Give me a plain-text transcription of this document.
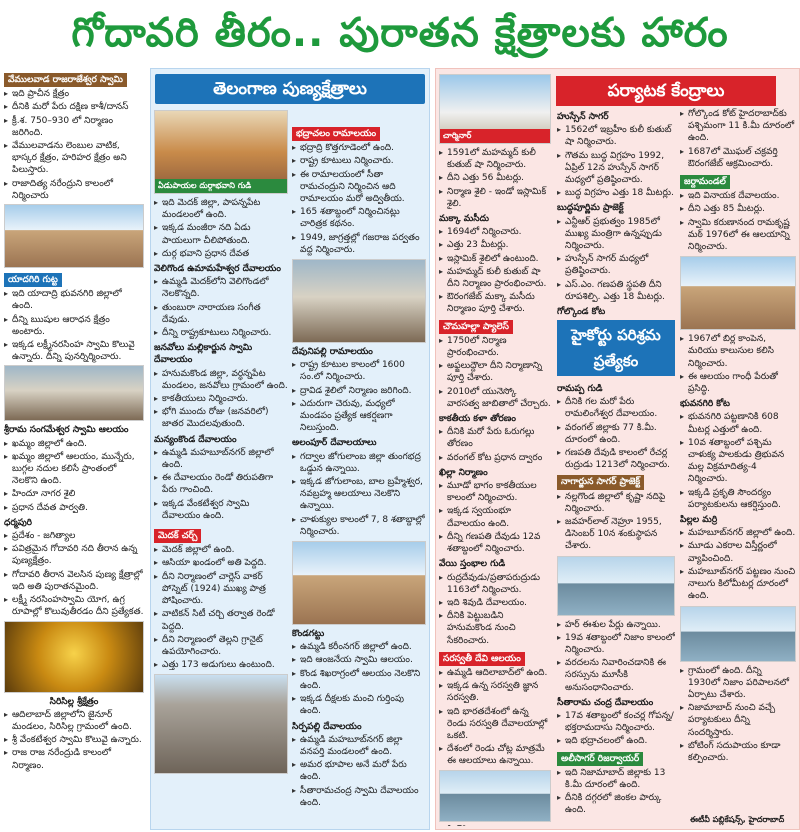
గోదావరి తీరం.. పురాతన క్షేత్రాలకు హారం
వేములవాడ రాజరాజేశ్వర స్వామి
▸ ఇది ప్రాచీన క్షేత్రం
▸ దీనికి మరో పేరు దక్షిణ కాశీ/దానస్
▸ క్రీ.శ. 750–930 లో నిర్మాణం జరిగింది.
▸ వేములవాడను లెంబుల వాటిక, భాస్కర క్షేత్రం, హరిహర క్షేత్రం అని పిలుస్తారు.
▸ రాజాదిత్య నరేంద్రుని కాలంలో నిర్మించారు
యాదగిరి గుట్ట
▸ ఇది యాదాద్రి భువనగిరి జిల్లాలో ఉంది.
▸ దీన్ని ఋషుల ఆరాధన క్షేత్రం అంటారు.
▸ ఇక్కడ లక్ష్మీనరసింహ స్వామి కొలువై ఉన్నారు. దీన్ని పునర్నిర్మించారు.
శ్రీరామ సంగమేశ్వర స్వామి ఆలయం
▸ ఖమ్మం జిల్లాలో ఉంది.
▸ ఖమ్మం జిల్లాలో ఆలయం, మున్నేరు, బుగ్గల నదుల కలిసే ప్రాంతంలో నెలకొని ఉంది.
▸ హిందూ నాగర శైలి
▸ ప్రధాన దేవత పార్వతి.
ధర్మపురి
▸ ప్రదేశం - జగిత్యాల
▸ పవిత్రమైన గోదావరి నది తీరాన ఉన్న పుణ్యక్షేత్రం.
▸ గోదావరి తీరాన వెలసిన పుణ్య క్షేత్రాల్లో ఇది అతి పురాతనమైంది.
▸ లక్ష్మీ నరసింహస్వామి యోగ, ఉగ్ర రూపాల్లో కొలువుతీరడం దీని ప్రత్యేకత.
సిరిసిల్ల శ్రీక్షేత్రం
▸ ఆదిలాబాద్ జిల్లాలోని జైనూర్ మండలం, సిరిసిల్ల గ్రామంలో ఉంది.
▸ శ్రీ వేంకటేశ్వర స్వామి కొలువై ఉన్నారు.
▸ రాజ రాజ నరేంద్రుడి కాలంలో నిర్మాణం.
తెలంగాణ పుణ్యక్షేత్రాలు
ఏడుపాయల దుర్గాభవాని గుడి
▸ ఇది మెదక్ జిల్లా, పాపన్నపేట మండలంలో ఉంది.
▸ ఇక్కడ మంజీరా నది ఏడు పాయలుగా చీలిపోతుంది.
▸ దుర్గ భవాని ప్రధాన దేవత
వెలిగొండ ఉమామహేశ్వర దేవాలయం
▸ ఉమ్మడి మెదక్‌లోని వెలిగొండలో నెలకొన్నది.
▸ తుంబురా నారాయణ సంగీత దేవుడు.
▸ దీన్ని రాష్ట్రకూటులు నిర్మించారు.
జనవోలు మల్లికార్జున స్వామి దేవాలయం
▸ హనుమకొండ జిల్లా, వర్ధన్నపేట మండలం, జనవోలు గ్రామంలో ఉంది.
▸ కాకతీయులు నిర్మించారు.
▸ భోగి ముందు రోజు (జనవరిలో) జాతర మొదలవుతుంది.
మన్యంకొండ దేవాలయం
▸ ఉమ్మడి మహబూబ్‌నగర్ జిల్లాలో ఉంది.
▸ ఈ దేవాలయం రెండో తిరుపతిగా పేరు గాంచింది.
▸ ఇక్కడ వేంకటేశ్వర స్వామి దేవాలయం ఉంది.
మెదక్ చర్చ్
▸ మెదక్ జిల్లాలో ఉంది.
▸ ఆసియా ఖండంలో అతి పెద్దది.
▸ దీని నిర్మాణంలో చార్లెస్ వాకర్ పోస్నెట్ (1924) ముఖ్య పాత్ర పోషించారు.
▸ వాటికన్ సిటీ చర్చి తర్వాత రెండో పెద్దది.
▸ దీని నిర్మాణంలో తెల్లని గ్రానైట్ ఉపయోగించారు.
▸ ఎత్తు 173 అడుగులు ఉంటుంది.
భద్రాచలం రామాలయం
▸ భద్రాద్రి కొత్తగూడెంలో ఉంది.
▸ రాష్ట్ర కూటులు నిర్మించారు.
▸ ఈ రామాలయంలో సీతా రామచంద్రుని నిర్మించిన ఆది రామాలయం మరో అద్వితీయ.
▸ 165 శతాబ్దంలో నిర్మించినట్లు చారిత్రక కథనం.
▸ 1949, జాగ్రత్తల్లో గజరాజ పర్వతం వద్ద నిర్మించారు.
దేవునిపల్లి రామాలయం
▸ రాష్ట్ర కూటుల కాలంలో 1600 సం.లో నిర్మించారు.
▸ ద్రావిడ శైలిలో నిర్మాణం జరిగింది.
▸ ఎదురుగా చెరువు, మధ్యలో మండపం ప్రత్యేక ఆకర్షణగా నిలుస్తుంది.
అలంపూర్ దేవాలయాలు
▸ గద్వాల జోగులాంబ జిల్లా తుంగభద్ర ఒడ్డున ఉన్నాయి.
▸ ఇక్కడ జోగులాంబ, బాల బ్రహ్మేశ్వర, నవబ్రహ్మ ఆలయాలు నెలకొని ఉన్నాయి.
▸ చాళుక్యుల కాలంలో 7, 8 శతాబ్దాల్లో నిర్మించారు.
కొండగట్టు
▸ ఉమ్మడి కరీంనగర్ జిల్లాలో ఉంది.
▸ ఇది ఆంజనేయ స్వామి ఆలయం.
▸ కొండ శిఖరాగ్రంలో ఆలయం నెలకొని ఉంది.
▸ ఇక్కడ దీక్షలకు మంచి గుర్తింపు ఉంది.
సిర్పపల్లి దేవాలయం
▸ ఉమ్మడి మహబూబ్‌నగర్ జిల్లా వనపర్తి మండలంలో ఉంది.
▸ అమర భూపాల అనే మరో పేరు ఉంది.
▸ సీతారామచంద్ర స్వామి దేవాలయం ఉంది.
పర్యాటక కేంద్రాలు
చార్మినార్
▸ 1591లో మహమ్మద్ కులీ కుతుబ్ షా నిర్మించారు.
▸ దీని ఎత్తు 56 మీటర్లు.
▸ నిర్మాణ శైలి - ఇండో ఇస్లామిక్ శైలి.
మక్కా మసీదు
▸ 1694లో నిర్మించారు.
▸ ఎత్తు 23 మీటర్లు.
▸ ఇస్లామిక్ శైలిలో ఉంటుంది.
▸ మహమ్మద్ కులీ కుతుబ్ షా దీని నిర్మాణం ప్రారంభించారు.
▸ ఔరంగజేబ్ మక్కా మసీదు నిర్మాణం పూర్తి చేశారు.
చౌమహల్లా ప్యాలెస్
▸ 1750లో నిర్మాణ ప్రారంభించారు.
▸ అఫ్జలుద్దౌలా దీని నిర్మాణాన్ని పూర్తి చేశారు.
▸ 2010లో యునెస్కో వారసత్వ జాబితాలో చేర్చారు.
కాకతీయ కళా తోరణం
▸ దీనికి మరో పేరు ఓరుగల్లు తోరణం
▸ వరంగల్ కోట ప్రధాన ద్వారం
ఖిల్లా నిర్మాణం
▸ మూడో భాగం కాకతీయుల కాలంలో నిర్మించారు.
▸ ఇక్కడ స్వయంభూ దేవాలయం ఉంది.
▸ దీన్ని గణపతి దేవుడు 12వ శతాబ్దంలో నిర్మించారు.
వేయి స్తంభాల గుడి
▸ రుద్రదేవుడు/ప్రతాపరుద్రుడు 1163లో నిర్మించారు.
▸ ఇది శివుడి దేవాలయం.
▸ దీనికి పెట్టుబడిని హనుమకొండ నుంచి సేకరించారు.
సరస్వతీ దేవి ఆలయం
▸ ఉమ్మడి ఆదిలాబాద్‌లో ఉంది.
▸ ఇక్కడ ఉన్న సరస్వతి జ్ఞాన సరస్వతి.
▸ ఇది భారతదేశంలో ఉన్న రెండు సరస్వతి దేవాలయాల్లో ఒకటి.
▸ దేశంలో రెండు చోట్ల మాత్రమే ఈ ఆలయాలు ఉన్నాయి.
హైకోర్టు పరిశ్రమ ప్రత్యేకం
హుస్సేన్ సాగర్
▸ 1562లో ఇబ్రహీం కులీ కుతుబ్ షా నిర్మించారు.
▸ గౌతమ బుద్ధ విగ్రహం 1992, ఏప్రిల్ 12న హుస్సేన్ సాగర్ మధ్యలో ప్రతిష్ఠించారు.
▸ బుద్ధ విగ్రహం ఎత్తు 18 మీటర్లు.
బుద్ధపూర్ణిమ ప్రాజెక్ట్
▸ ఎన్టీఆర్ ప్రభుత్వం 1985లో ముఖ్య మంత్రిగా ఉన్నప్పుడు నిర్మించారు.
▸ హుస్సేన్ సాగర్ మధ్యలో ప్రతిష్ఠించారు.
▸ ఎస్.ఎం. గణపతి స్థపతి దీని రూపశిల్పి. ఎత్తు 18 మీటర్లు.
గోల్కొండ కోట
రామప్ప గుడి
▸ దీనికి గల మరో పేరు రామలింగేశ్వర దేవాలయం.
▸ వరంగల్ జిల్లాకు 77 కి.మీ. దూరంలో ఉంది.
▸ గణపతి దేవుడి కాలంలో రేచర్ల రుద్రుడు 1213లో నిర్మించారు.
నాగార్జున సాగర్ ప్రాజెక్ట్
▸ నల్లగొండ జిల్లాలో కృష్ణా నదిపై నిర్మించారు.
▸ జవహర్‌లాల్ నెహ్రూ 1955, డిసెంబర్ 10న శంకుస్థాపన చేశారు.
▸ హర్ ఈశుల పేర్లు ఉన్నాయి.
▸ 19వ శతాబ్దంలో నిజాం కాలంలో నిర్మించారు.
▸ వరదలను నివారించడానికి ఈ సరస్సును మూసీకి అనుసంధానించారు.
సీతారామ చంద్ర దేవాలయం
▸ 17వ శతాబ్దంలో కంచర్ల గోపన్న/భక్తరామదాసు నిర్మించారు.
▸ ఇది భద్రాచలంలో ఉంది.
అలీసాగర్ రిజర్వాయర్
▸ ఇది నిజామాబాద్ జిల్లాకు 13 కి.మీ దూరంలో ఉంది.
▸ దీనికి దగ్గరలో జింకల పార్కు ఉంది.
▸ గోల్కొండ కోట్ హైదరాబాద్‌కు పశ్చిమంగా 11 కి.మీ దూరంలో ఉంది.
▸ 1687లో మొఘల్ చక్రవర్తి ఔరంగజేబ్ ఆక్రమించారు.
జర్దామండల్
▸ ఇది వినాయక దేవాలయం.
▸ దీని ఎత్తు 85 మీటర్లు.
▸ స్వామి కరుణానంద రామకృష్ణ మఠ్ 1976లో ఈ ఆలయాన్ని నిర్మించారు.
▸ 1967లో బిర్ల కాంపెన, మరియు కాలుసుల కలిసి నిర్మించారు.
▸ ఈ ఆలయం గాంధీ పేరుతో ప్రసిద్ధి.
భువనగిరి కోట
▸ భువనగిరి పట్టణానికి 608 మీటర్ల ఎత్తులో ఉంది.
▸ 10వ శతాబ్దంలో పశ్చిమ చాళుక్య పాలకుడు త్రిభువన మల్ల విక్రమాదిత్య-4 నిర్మించారు.
▸ ఇక్కడి ప్రకృతి సౌందర్యం పర్యాటకులను ఆకర్షిస్తుంది.
పిల్లల మర్రి
▸ మహబూబ్‌నగర్ జిల్లాలో ఉంది.
▸ మూడు ఎకరాల విస్తీర్ణంలో వ్యాపించింది.
▸ మహబూబ్‌నగర్ పట్టణం నుంచి నాలుగు కిలోమీటర్ల దూరంలో ఉంది.
▸ గ్రామంలో ఉంది. దీన్ని 1930లో నిజాం పరిపాలనలో ఏర్పాటు చేశారు.
▸ నిజామాబాద్ నుంచి వచ్చే పర్యాటకులు దీన్ని సందర్శిస్తారు.
▸ బోటింగ్ సదుపాయం కూడా కల్పించారు.
ఈటీవీ పబ్లికేషన్స్, హైదరాబాద్
